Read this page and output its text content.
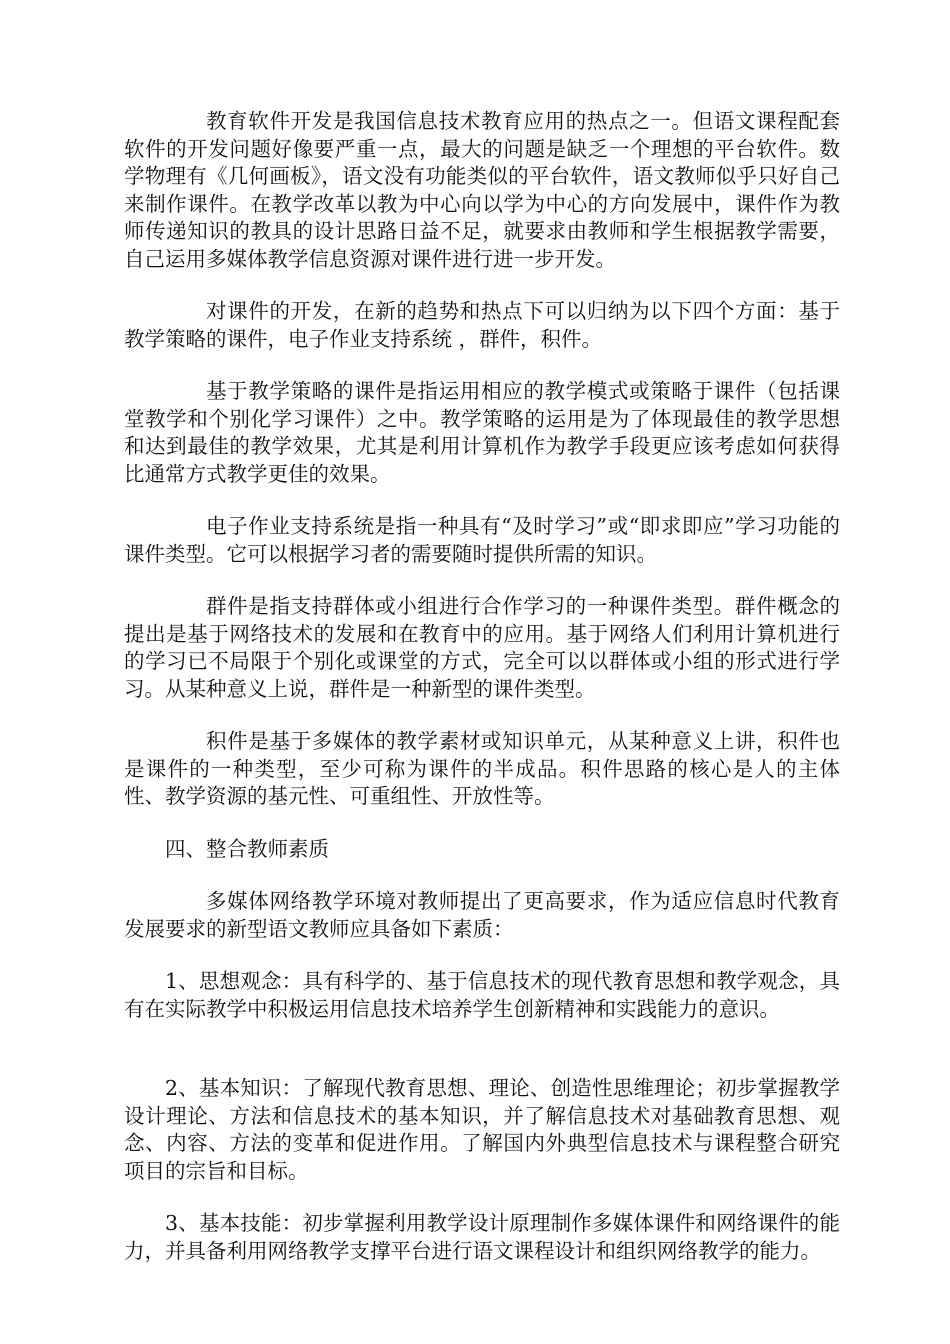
教育软件开发是我国信息技术教育应用的热点之一。但语文课程配套软件的开发问题好像要严重一点，最大的问题是缺乏一个理想的平台软件。数学物理有《几何画板》，语文没有功能类似的平台软件，语文教师似乎只好自己来制作课件。在教学改革以教为中心向以学为中心的方向发展中，课件作为教师传递知识的教具的设计思路日益不足，就要求由教师和学生根据教学需要，自己运用多媒体教学信息资源对课件进行进一步开发。

对课件的开发，在新的趋势和热点下可以归纳为以下四个方面：基于教学策略的课件，电子作业支持系统 ，群件，积件。

基于教学策略的课件是指运用相应的教学模式或策略于课件（包括课堂教学和个别化学习课件）之中。教学策略的运用是为了体现最佳的教学思想和达到最佳的教学效果，尤其是利用计算机作为教学手段更应该考虑如何获得比通常方式教学更佳的效果。

电子作业支持系统是指一种具有“及时学习”或“即求即应”学习功能的课件类型。它可以根据学习者的需要随时提供所需的知识。

群件是指支持群体或小组进行合作学习的一种课件类型。群件概念的提出是基于网络技术的发展和在教育中的应用。基于网络人们利用计算机进行的学习已不局限于个别化或课堂的方式，完全可以以群体或小组的形式进行学习。从某种意义上说，群件是一种新型的课件类型。

积件是基于多媒体的教学素材或知识单元，从某种意义上讲，积件也是课件的一种类型，至少可称为课件的半成品。积件思路的核心是人的主体性、教学资源的基元性、可重组性、开放性等。

四、整合教师素质

多媒体网络教学环境对教师提出了更高要求，作为适应信息时代教育发展要求的新型语文教师应具备如下素质：

1、思想观念：具有科学的、基于信息技术的现代教育思想和教学观念，具有在实际教学中积极运用信息技术培养学生创新精神和实践能力的意识。

2、基本知识：了解现代教育思想、理论、创造性思维理论；初步掌握教学设计理论、方法和信息技术的基本知识，并了解信息技术对基础教育思想、观念、内容、方法的变革和促进作用。了解国内外典型信息技术与课程整合研究项目的宗旨和目标。

3、基本技能：初步掌握利用教学设计原理制作多媒体课件和网络课件的能力，并具备利用网络教学支撑平台进行语文课程设计和组织网络教学的能力。
